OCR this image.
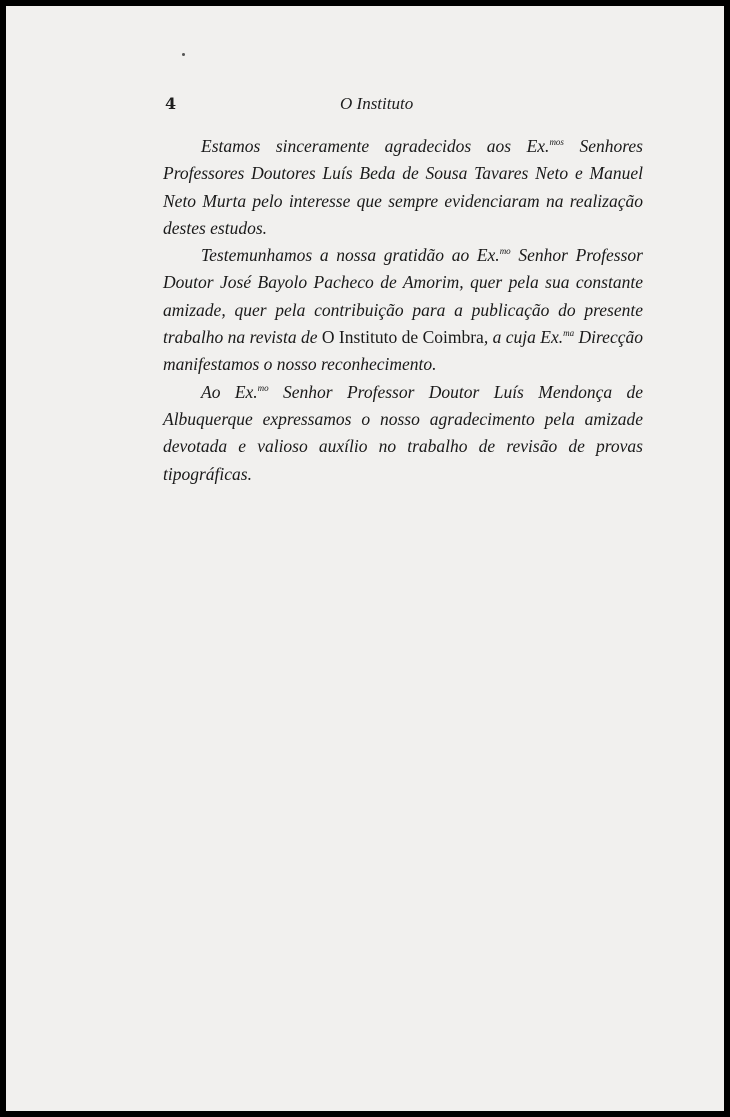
4	O Instituto

Estamos sinceramente agradecidos aos Ex.$^{mos}$ Senhores Professores Doutores Luís Beda de Sousa Tavares Neto e Manuel Neto Murta pelo interesse que sempre evidenciaram na realização destes estudos.

Testemunhamos a nossa gratidão ao Ex.$^{mo}$ Senhor Professor Doutor José Bayolo Pacheco de Amorim, quer pela sua constante amizade, quer pela contribuição para a publicação do presente trabalho na revista de O Instituto de Coimbra, a cuja Ex.$^{ma}$ Direcção manifestamos o nosso reconhecimento.

Ao Ex.$^{mo}$ Senhor Professor Doutor Luís Mendonça de Albuquerque expressamos o nosso agradecimento pela amizade devotada e valioso auxílio no trabalho de revisão de provas tipográficas.
